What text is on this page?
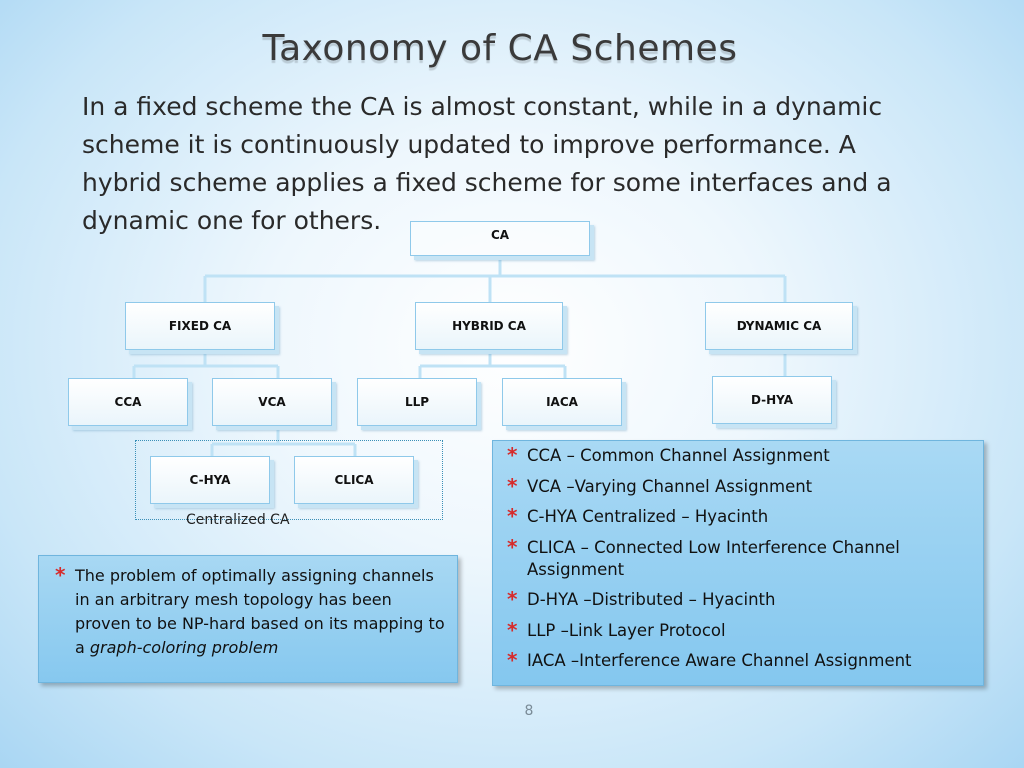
Taxonomy of CA Schemes
Centralized CA
FIXED CA	HYBRID CA	DYNAMIC CA
CCA	VCA	LLP	IACA	D-HYA
C-HYA	CLICA
CA
In a fixed scheme the CA is almost constant, while in a dynamic scheme it is continuously updated to improve performance. A hybrid scheme applies a fixed scheme for some interfaces and a dynamic one for others.
* The problem of optimally assigning channels in an arbitrary mesh topology has been proven to be NP-hard based on its mapping to a graph-coloring problem
* CCA – Common Channel Assignment
* VCA –Varying Channel Assignment
* C-HYA Centralized – Hyacinth
* CLICA – Connected Low Interference Channel Assignment
* D-HYA –Distributed – Hyacinth
* LLP –Link Layer Protocol
* IACA –Interference Aware Channel Assignment
8
